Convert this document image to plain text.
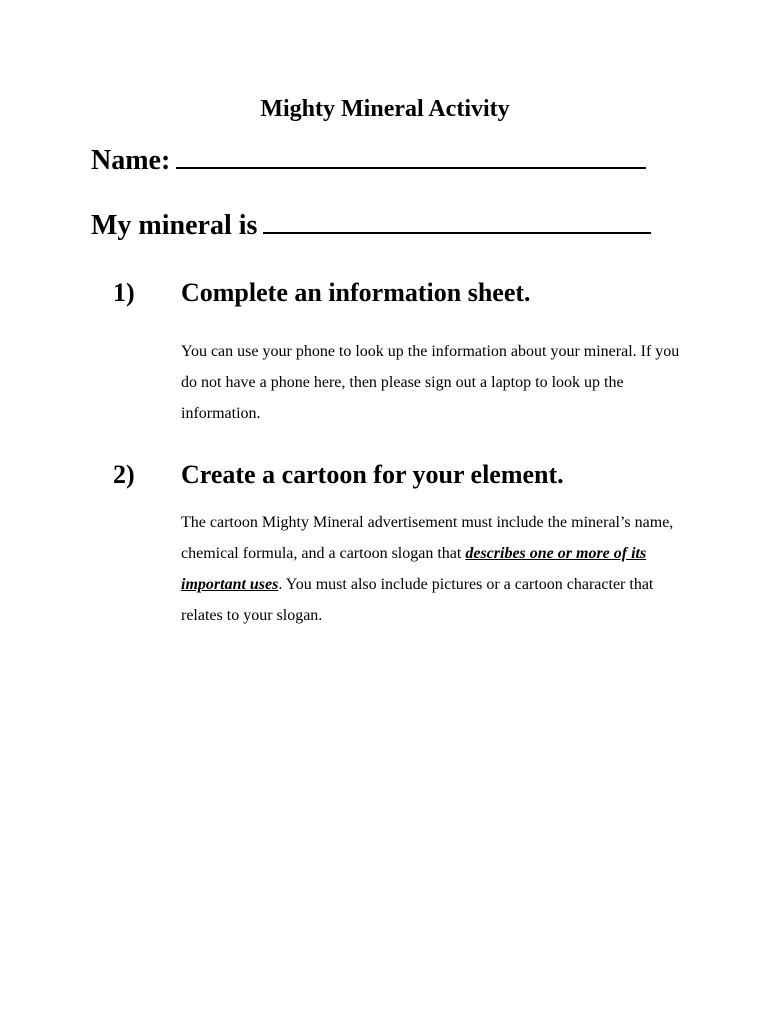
Mighty Mineral Activity
Name:
My mineral is
1) Complete an information sheet.
You can use your phone to look up the information about your mineral. If you do not have a phone here, then please sign out a laptop to look up the information.
2) Create a cartoon for your element.
The cartoon Mighty Mineral advertisement must include the mineral’s name, chemical formula, and a cartoon slogan that describes one or more of its important uses. You must also include pictures or a cartoon character that relates to your slogan.
